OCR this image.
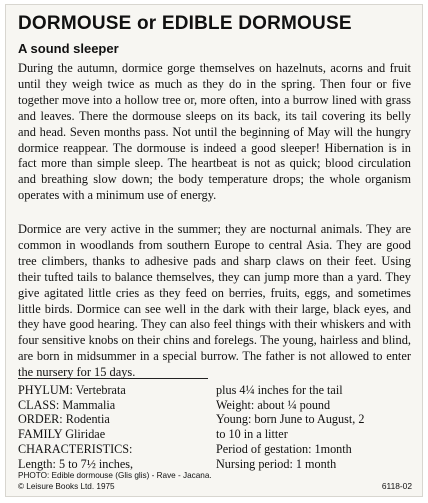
DORMOUSE or EDIBLE DORMOUSE
A sound sleeper

During the autumn, dormice gorge themselves on hazelnuts, acorns and fruit until they weigh twice as much as they do in the spring. Then four or five together move into a hollow tree or, more often, into a burrow lined with grass and leaves. There the dormouse sleeps on its back, its tail covering its belly and head. Seven months pass. Not until the beginning of May will the hungry dormice reappear. The dormouse is indeed a good sleeper! Hibernation is in fact more than simple sleep. The heartbeat is not as quick; blood circulation and breathing slow down; the body temperature drops; the whole organism operates with a minimum use of energy.

Dormice are very active in the summer; they are nocturnal animals. They are common in woodlands from southern Europe to central Asia. They are good tree climbers, thanks to adhesive pads and sharp claws on their feet. Using their tufted tails to balance themselves, they can jump more than a yard. They give agitated little cries as they feed on berries, fruits, eggs, and sometimes little birds. Dormice can see well in the dark with their large, black eyes, and they have good hearing. They can also feel things with their whiskers and with four sensitive knobs on their chins and forelegs. The young, hairless and blind, are born in midsummer in a special burrow. The father is not allowed to enter the nursery for 15 days.

PHYLUM: Vertebrata
CLASS: Mammalia
ORDER: Rodentia
FAMILY Gliridae
CHARACTERISTICS:
Length: 5 to 7½ inches,
plus 4¼ inches for the tail
Weight: about ¼ pound
Young: born June to August, 2
to 10 in a litter
Period of gestation: 1month
Nursing period: 1 month
PHOTO: Edible dormouse (Glis glis) - Rave - Jacana.
© Leisure Books Ltd. 1975	6118-02
